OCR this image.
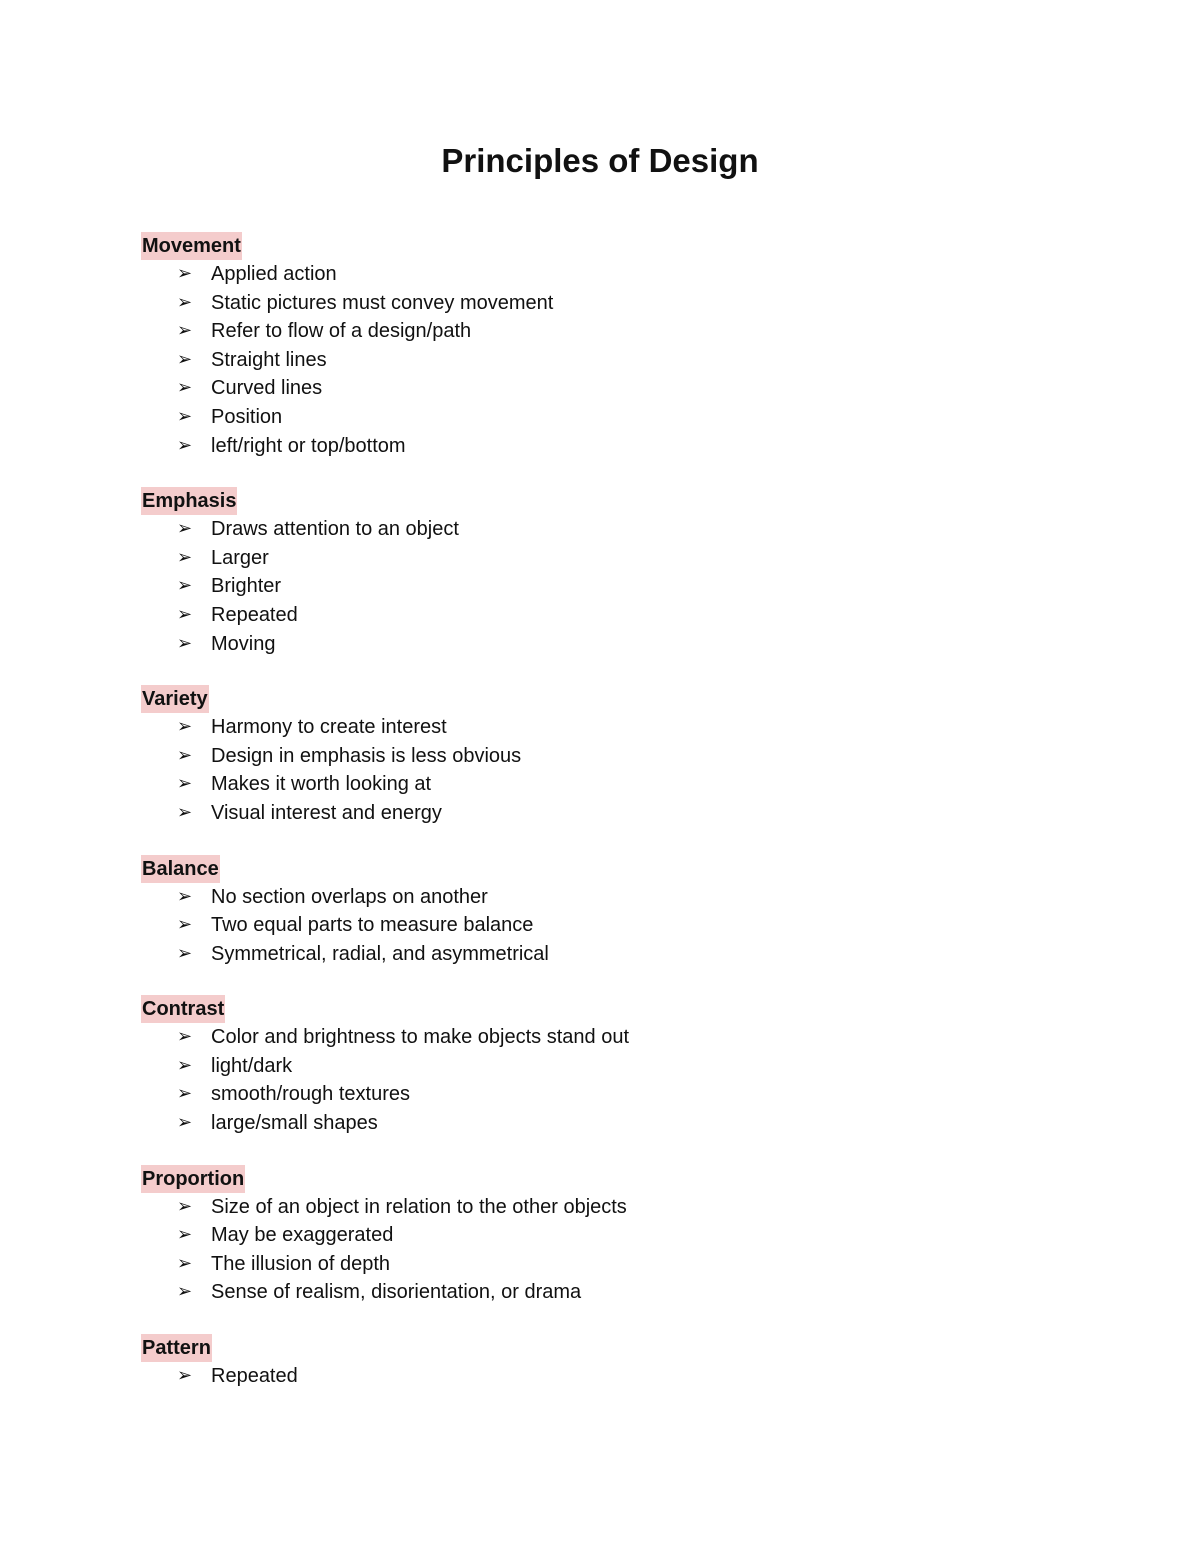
Principles of Design
Movement
➢ Applied action
➢ Static pictures must convey movement
➢ Refer to flow of a design/path
➢ Straight lines
➢ Curved lines
➢ Position
➢ left/right or top/bottom
Emphasis
➢ Draws attention to an object
➢ Larger
➢ Brighter
➢ Repeated
➢ Moving
Variety
➢ Harmony to create interest
➢ Design in emphasis is less obvious
➢ Makes it worth looking at
➢ Visual interest and energy
Balance
➢ No section overlaps on another
➢ Two equal parts to measure balance
➢ Symmetrical, radial, and asymmetrical
Contrast
➢ Color and brightness to make objects stand out
➢ light/dark
➢ smooth/rough textures
➢ large/small shapes
Proportion
➢ Size of an object in relation to the other objects
➢ May be exaggerated
➢ The illusion of depth
➢ Sense of realism, disorientation, or drama
Pattern
➢ Repeated
